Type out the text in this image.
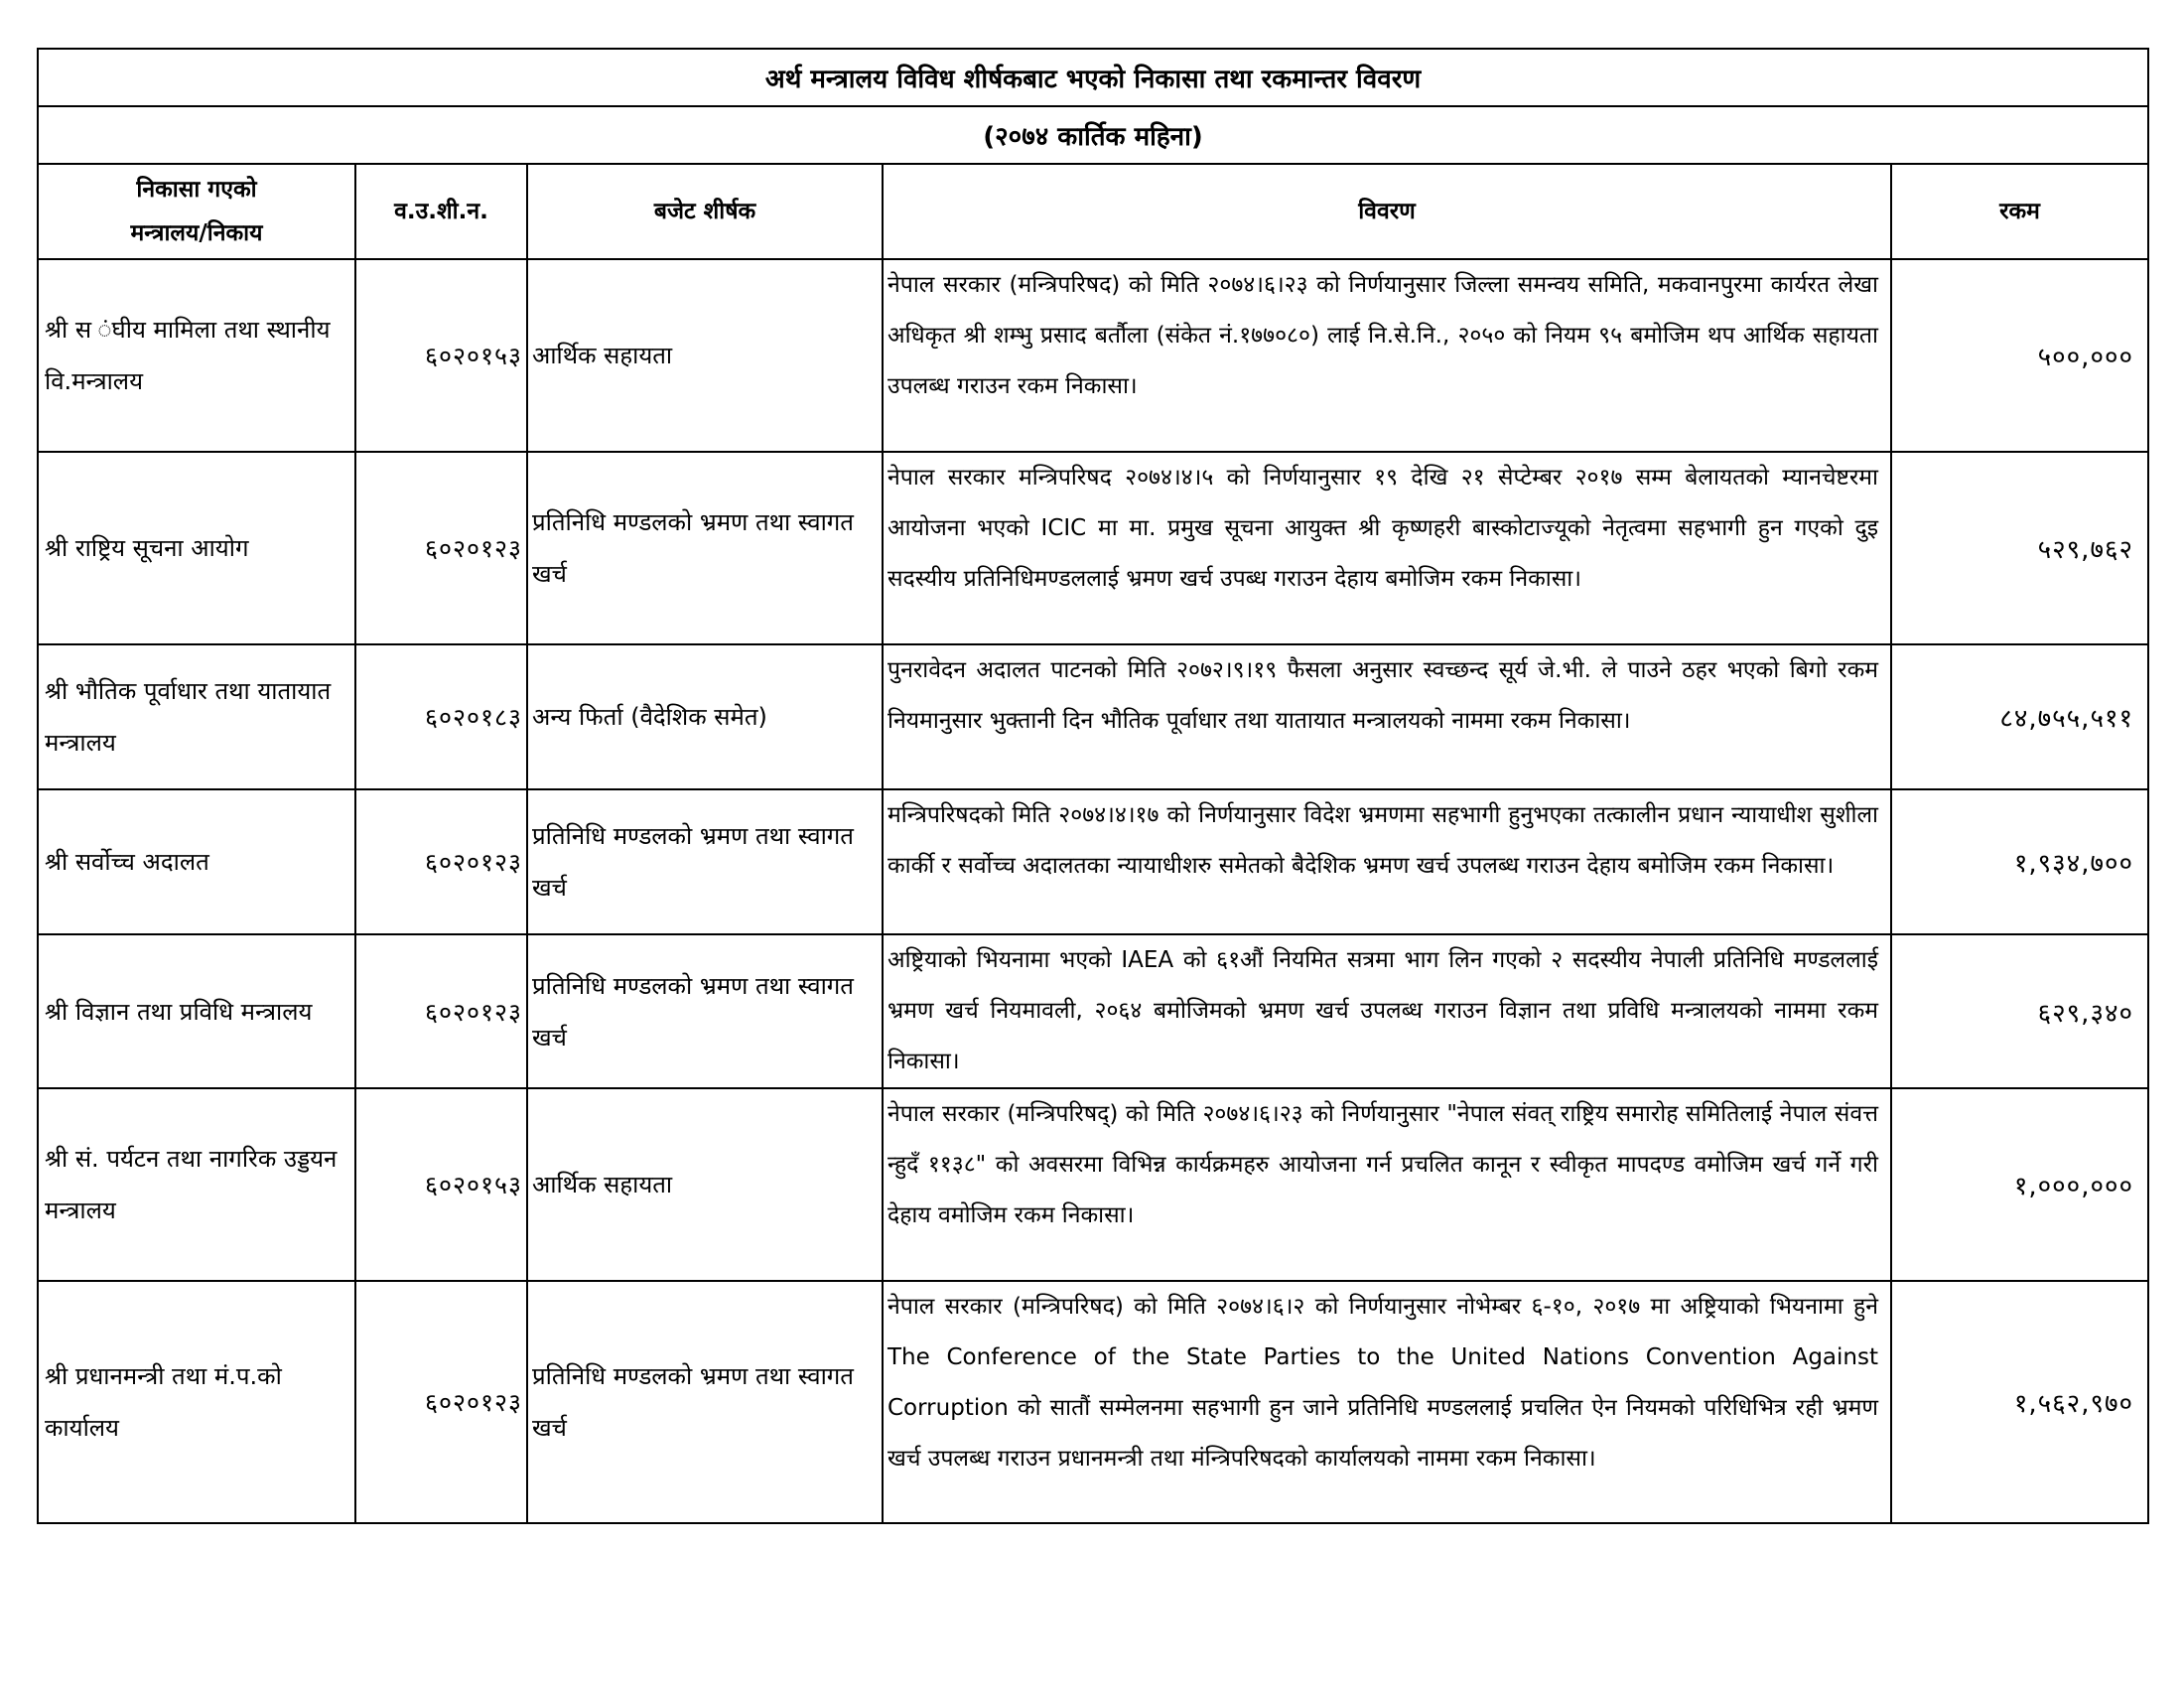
अर्थ मन्त्रालय विविध शीर्षकबाट भएको निकासा तथा रकमान्तर विवरण				
(२०७४ कार्तिक महिना)				

निकासा गएको
मन्त्रालय/निकाय	व.उ.शी.न.	बजेट शीर्षक	विवरण	रकम
श्री स ंघीय मामिला तथा स्थानीय वि.मन्त्रालय	६०२०१५३	आर्थिक सहायता	नेपाल सरकार (मन्त्रिपरिषद) को मिति २०७४।६।२३ को निर्णयानुसार जिल्ला समन्वय समिति, मकवानपुरमा कार्यरत लेखा अधिकृत श्री शम्भु प्रसाद बर्तौला (संकेत नं.१७७०८०) लाई नि.से.नि., २०५० को नियम ९५ बमोजिम थप आर्थिक सहायता उपलब्ध गराउन रकम निकासा।	५००,०००
श्री राष्ट्रिय सूचना आयोग	६०२०१२३	प्रतिनिधि मण्डलको भ्रमण तथा स्वागत खर्च	नेपाल सरकार मन्त्रिपरिषद २०७४।४।५ को निर्णयानुसार १९ देखि २१ सेप्टेम्बर २०१७ सम्म बेलायतको म्यानचेष्टरमा आयोजना भएको ICIC मा मा. प्रमुख सूचना आयुक्त श्री कृष्णहरी बास्कोटाज्यूको नेतृत्वमा सहभागी हुन गएको दुइ सदस्यीय प्रतिनिधिमण्डललाई भ्रमण खर्च उपब्ध गराउन देहाय बमोजिम रकम निकासा।	५२९,७६२
श्री भौतिक पूर्वाधार तथा यातायात मन्त्रालय	६०२०१८३	अन्य फिर्ता (वैदेशिक समेत)	पुनरावेदन अदालत पाटनको मिति २०७२।९।१९ फैसला अनुसार स्वच्छन्द सूर्य जे.भी. ले पाउने ठहर भएको बिगो रकम नियमानुसार भुक्तानी दिन भौतिक पूर्वाधार तथा यातायात मन्त्रालयको नाममा रकम निकासा।	८४,७५५,५११
श्री सर्वोच्च अदालत	६०२०१२३	प्रतिनिधि मण्डलको भ्रमण तथा स्वागत खर्च	मन्त्रिपरिषदको मिति २०७४।४।१७ को निर्णयानुसार विदेश भ्रमणमा सहभागी हुनुभएका तत्कालीन प्रधान न्यायाधीश सुशीला कार्की र सर्वोच्च अदालतका न्यायाधीशरु समेतको बैदेशिक भ्रमण खर्च उपलब्ध गराउन देहाय बमोजिम रकम निकासा।	१,९३४,७००
श्री विज्ञान तथा प्रविधि मन्त्रालय	६०२०१२३	प्रतिनिधि मण्डलको भ्रमण तथा स्वागत खर्च	अष्ट्रियाको भियनामा भएको IAEA को ६१औं नियमित सत्रमा भाग लिन गएको २ सदस्यीय नेपाली प्रतिनिधि मण्डललाई भ्रमण खर्च नियमावली, २०६४ बमोजिमको भ्रमण खर्च उपलब्ध गराउन विज्ञान तथा प्रविधि मन्त्रालयको नाममा रकम निकासा।	६२९,३४०
श्री सं. पर्यटन तथा नागरिक उड्डयन मन्त्रालय	६०२०१५३	आर्थिक सहायता	नेपाल सरकार (मन्त्रिपरिषद्) को मिति २०७४।६।२३ को निर्णयानुसार "नेपाल संवत् राष्ट्रिय समारोह समितिलाई नेपाल संवत्त न्हुदँ ११३८" को अवसरमा विभिन्न कार्यक्रमहरु आयोजना गर्न प्रचलित कानून र स्वीकृत मापदण्ड वमोजिम खर्च गर्ने गरी देहाय वमोजिम रकम निकासा।	१,०००,०००
श्री प्रधानमन्त्री तथा मं.प.को कार्यालय	६०२०१२३	प्रतिनिधि मण्डलको भ्रमण तथा स्वागत खर्च	नेपाल सरकार (मन्त्रिपरिषद) को मिति २०७४।६।२ को निर्णयानुसार नोभेम्बर ६-१०, २०१७ मा अष्ट्रियाको भियनामा हुने The Conference of the State Parties to the United Nations Convention Against Corruption को सातौं सम्मेलनमा सहभागी हुन जाने प्रतिनिधि मण्डललाई प्रचलित ऐन नियमको परिधिभित्र रही भ्रमण खर्च उपलब्ध गराउन प्रधानमन्त्री तथा मंन्त्रिपरिषदको कार्यालयको नाममा रकम निकासा।	१,५६२,९७०
